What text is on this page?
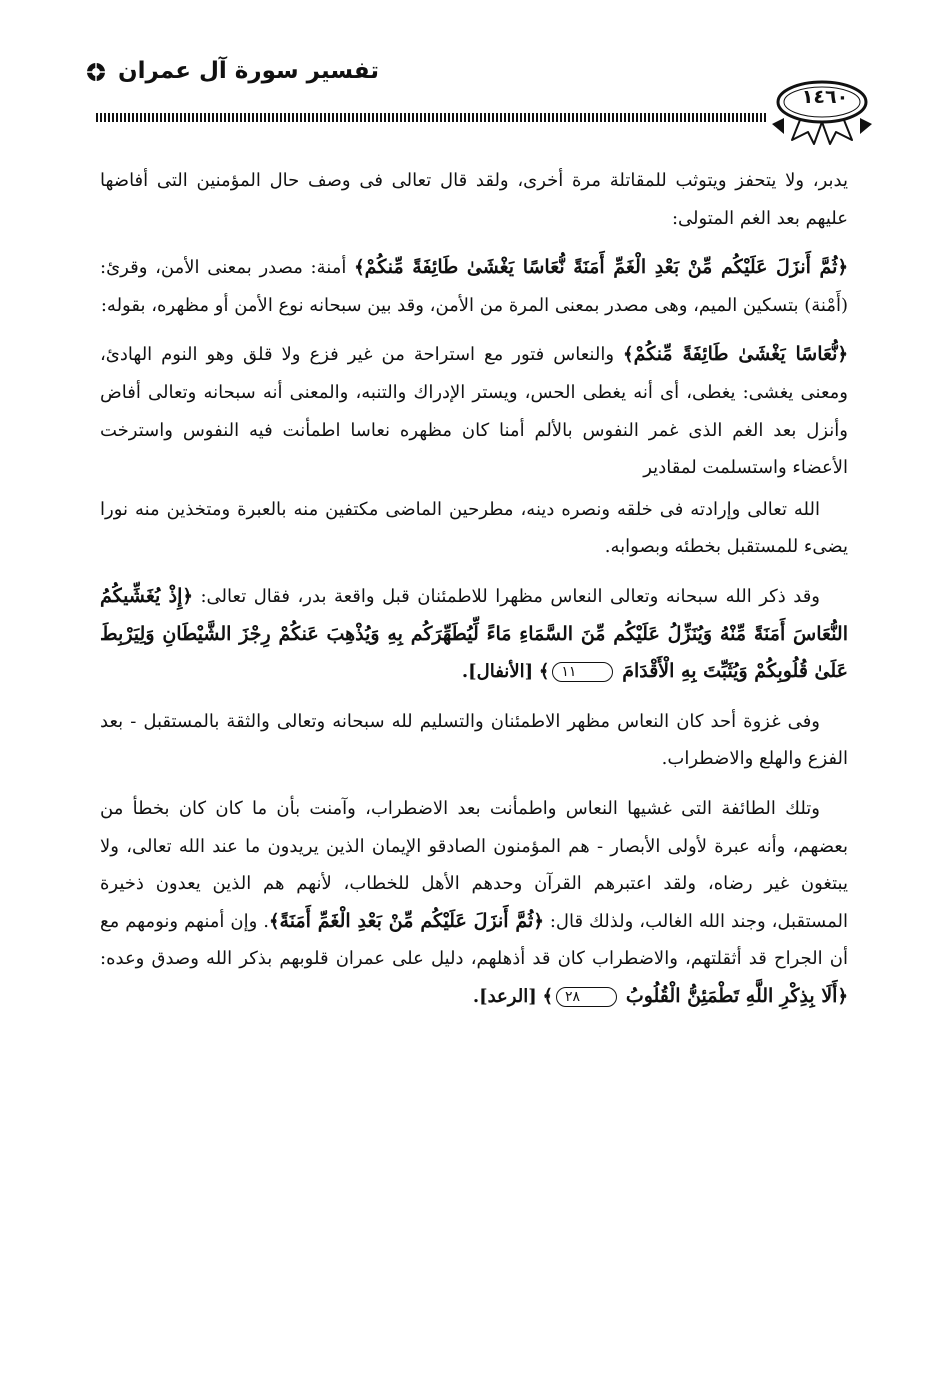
تفسير سورة آل عمران
١٤٦٠

يدبر، ولا يتحفز ويتوثب للمقاتلة مرة أخرى، ولقد قال تعالى فى وصف حال المؤمنين التى أفاضها عليهم بعد الغم المتولى:

﴿ثُمَّ أَنزَلَ عَلَيْكُم مِّنْ بَعْدِ الْغَمِّ أَمَنَةً نُّعَاسًا يَغْشَىٰ طَائِفَةً مِّنكُمْ﴾ أمنة: مصدر بمعنى الأمن، وقرئ: (أَمْنة) بتسكين الميم، وهى مصدر بمعنى المرة من الأمن، وقد بين سبحانه نوع الأمن أو مظهره، بقوله:

﴿نُّعَاسًا يَغْشَىٰ طَائِفَةً مِّنكُمْ﴾ والنعاس فتور مع استراحة من غير فزع ولا قلق وهو النوم الهادئ، ومعنى يغشى: يغطى، أى أنه يغطى الحس، ويستر الإدراك والتنبه، والمعنى أنه سبحانه وتعالى أفاض وأنزل بعد الغم الذى غمر النفوس بالألم أمنا كان مظهره نعاسا اطمأنت فيه النفوس واسترخت الأعضاء واستسلمت لمقادير

الله تعالى وإرادته فى خلقه ونصره دينه، مطرحين الماضى مكتفين منه بالعبرة ومتخذين منه نورا يضىء للمستقبل بخطئه وبصوابه.

وقد ذكر الله سبحانه وتعالى النعاس مظهرا للاطمئنان قبل واقعة بدر، فقال تعالى: ﴿إِذْ يُغَشِّيكُمُ النُّعَاسَ أَمَنَةً مِّنْهُ وَيُنَزِّلُ عَلَيْكُم مِّنَ السَّمَاءِ مَاءً لِّيُطَهِّرَكُم بِهِ وَيُذْهِبَ عَنكُمْ رِجْزَ الشَّيْطَانِ وَلِيَرْبِطَ عَلَىٰ قُلُوبِكُمْ وَيُثَبِّتَ بِهِ الْأَقْدَامَ ١١﴾ [الأنفال].

وفى غزوة أحد كان النعاس مظهر الاطمئنان والتسليم لله سبحانه وتعالى والثقة بالمستقبل - بعد الفزع والهلع والاضطراب.

وتلك الطائفة التى غشيها النعاس واطمأنت بعد الاضطراب، وآمنت بأن ما كان كان بخطأ من بعضهم، وأنه عبرة لأولى الأبصار - هم المؤمنون الصادقو الإيمان الذين يريدون ما عند الله تعالى، ولا يبتغون غير رضاه، ولقد اعتبرهم القرآن وحدهم الأهل للخطاب، لأنهم هم الذين يعدون ذخيرة المستقبل، وجند الله الغالب، ولذلك قال: ﴿ثُمَّ أَنزَلَ عَلَيْكُم مِّنْ بَعْدِ الْغَمِّ أَمَنَةً﴾. وإن أمنهم ونومهم مع أن الجراح قد أثقلتهم، والاضطراب كان قد أذهلهم، دليل على عمران قلوبهم بذكر الله وصدق وعده: ﴿أَلَا بِذِكْرِ اللَّهِ تَطْمَئِنُّ الْقُلُوبُ ٢٨﴾ [الرعد].
